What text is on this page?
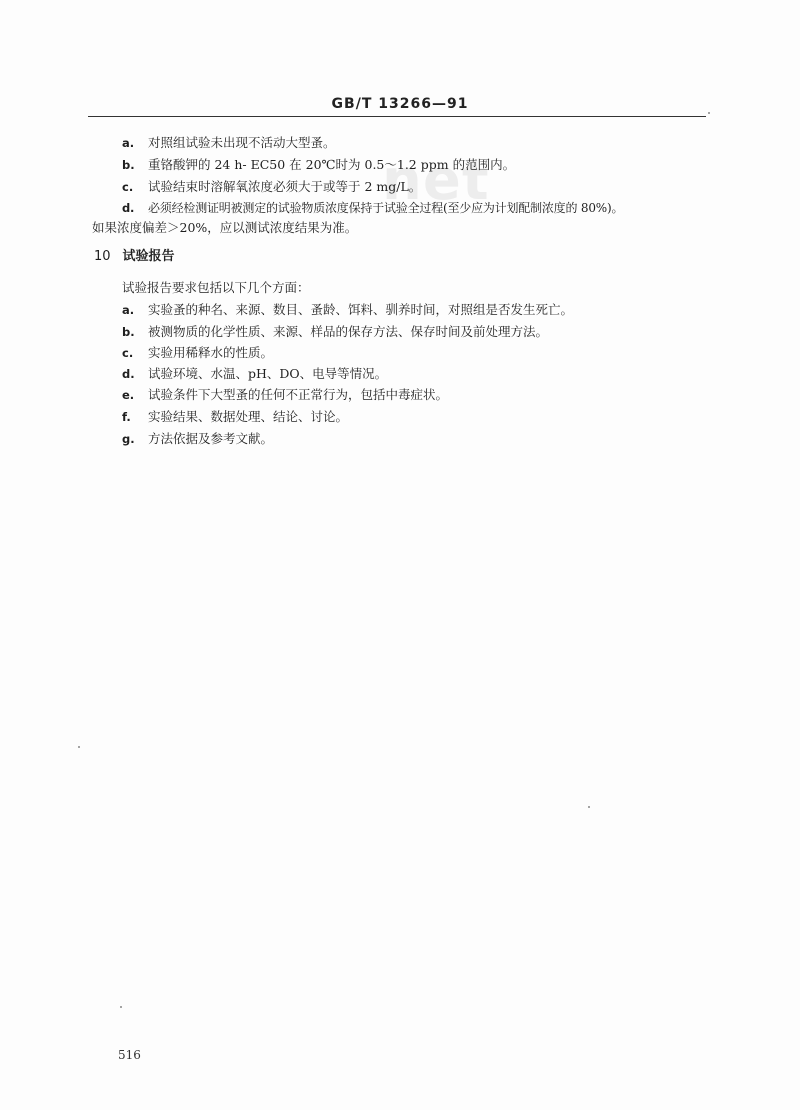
GB/T 13266—91
net
a. 对照组试验未出现不活动大型蚤。
b. 重铬酸钾的 24 h- EC50 在 20℃时为 0.5～1.2 ppm 的范围内。
c. 试验结束时溶解氧浓度必须大于或等于 2 mg/L。
d. 必须经检测证明被测定的试验物质浓度保持于试验全过程(至少应为计划配制浓度的 80%)。
如果浓度偏差＞20%，应以测试浓度结果为准。
10 试验报告
试验报告要求包括以下几个方面：
a. 实验蚤的种名、来源、数目、蚤龄、饵料、驯养时间，对照组是否发生死亡。
b. 被测物质的化学性质、来源、样品的保存方法、保存时间及前处理方法。
c. 实验用稀释水的性质。
d. 试验环境、水温、pH、DO、电导等情况。
e. 试验条件下大型蚤的任何不正常行为，包括中毒症状。
f. 实验结果、数据处理、结论、讨论。
g. 方法依据及参考文献。
516
